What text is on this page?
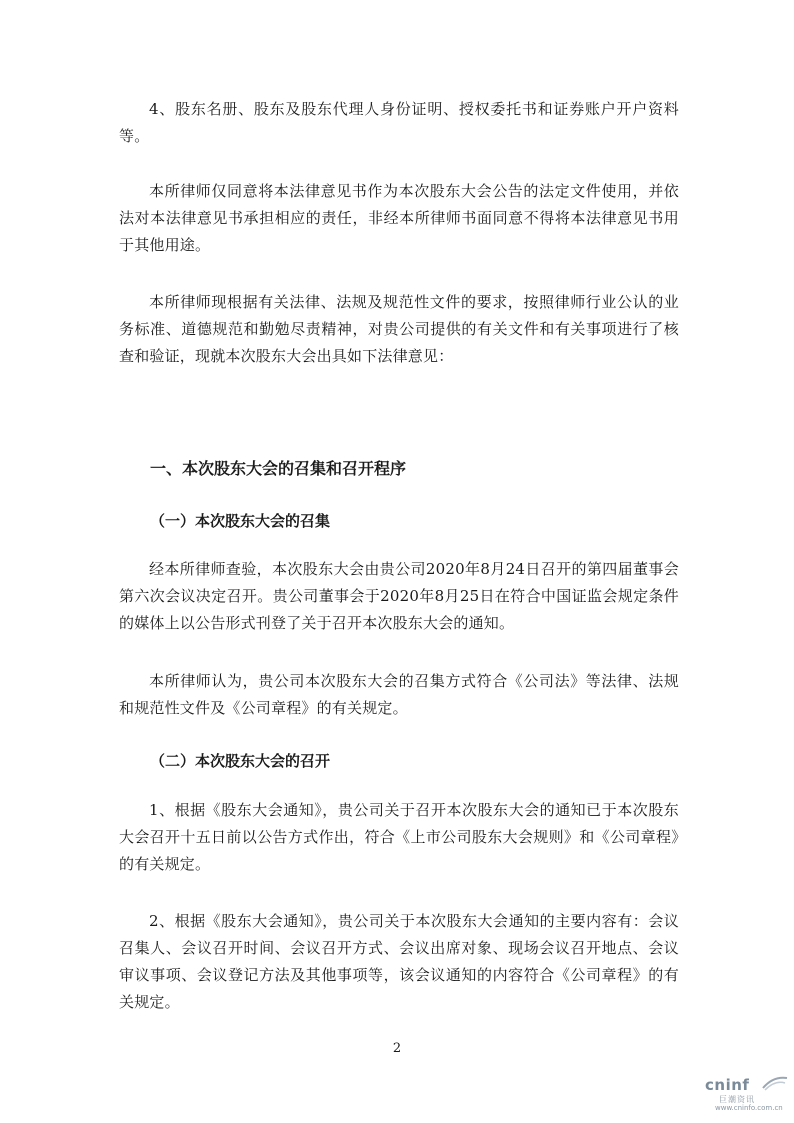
4、股东名册、股东及股东代理人身份证明、授权委托书和证券账户开户资料等。

本所律师仅同意将本法律意见书作为本次股东大会公告的法定文件使用，并依法对本法律意见书承担相应的责任，非经本所律师书面同意不得将本法律意见书用于其他用途。

本所律师现根据有关法律、法规及规范性文件的要求，按照律师行业公认的业务标准、道德规范和勤勉尽责精神，对贵公司提供的有关文件和有关事项进行了核查和验证，现就本次股东大会出具如下法律意见：

一、本次股东大会的召集和召开程序
（一）本次股东大会的召集

经本所律师查验，本次股东大会由贵公司2020年8月24日召开的第四届董事会第六次会议决定召开。贵公司董事会于2020年8月25日在符合中国证监会规定条件的媒体上以公告形式刊登了关于召开本次股东大会的通知。

本所律师认为，贵公司本次股东大会的召集方式符合《公司法》等法律、法规和规范性文件及《公司章程》的有关规定。

（二）本次股东大会的召开

1、根据《股东大会通知》，贵公司关于召开本次股东大会的通知已于本次股东大会召开十五日前以公告方式作出，符合《上市公司股东大会规则》和《公司章程》的有关规定。

2、根据《股东大会通知》，贵公司关于本次股东大会通知的主要内容有：会议召集人、会议召开时间、会议召开方式、会议出席对象、现场会议召开地点、会议审议事项、会议登记方法及其他事项等，该会议通知的内容符合《公司章程》的有关规定。

2
cninf
巨潮资讯
www.cninfo.com.cn
